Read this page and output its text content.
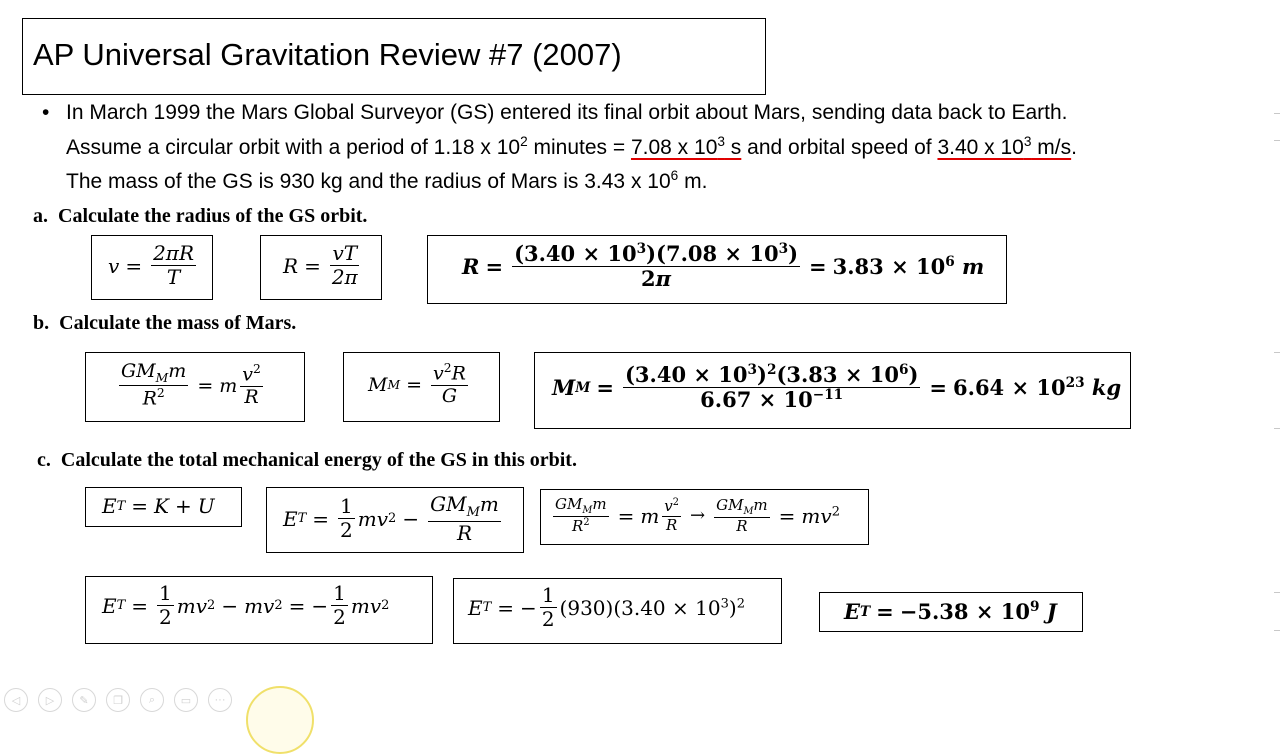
AP Universal Gravitation Review #7 (2007)
• In March 1999 the Mars Global Surveyor (GS) entered its final orbit about Mars, sending data back to Earth.

Assume a circular orbit with a period of 1.18 x $10^2$ minutes = 7.08 x $10^3$ s and orbital speed of 3.40 x $10^3$ m/s.

The mass of the GS is 930 kg and the radius of Mars is 3.43 x $10^6$ m.

a. Calculate the radius of the GS orbit.
$v = \frac{2\pi R}{T}$	$R = \frac{vT}{2\pi}$	$R = \frac{(3.40 \times 10^3)(7.08 \times 10^3)}{2\pi} = 3.83 \times 10^6$ m
b. Calculate the mass of Mars.
$\frac{GM_Mm}{R^2} = m \frac{v^2}{R}$	M $M = \frac{v^2R}{G}$	M $M = \frac{(3.40 \times 10^3)^2(3.83 \times 10^6)}{6.67 \times 10^{-11}} = 6.64 \times 10^{23}$ kg
c. Calculate the total mechanical energy of the GS in this orbit.
E T = K + U
E $T = \frac{1}{2}$ mv $2 - \frac{GM_Mm}{R}$	$\frac{GM_Mm}{R^2} = m \frac{v^2}{R} \to \frac{GM_Mm}{R} = mv^2$
E $T = \frac{1}{2}$ mv 2 − mv 2 = − $\frac{1}{2}$ mv 2	E T = − $\frac{1}{2} (930)(3.40 \times 10^3)^2$	E $T = -5.38 \times 10^9$ J
◁	▷	✎	❐	⌕	▭	···
